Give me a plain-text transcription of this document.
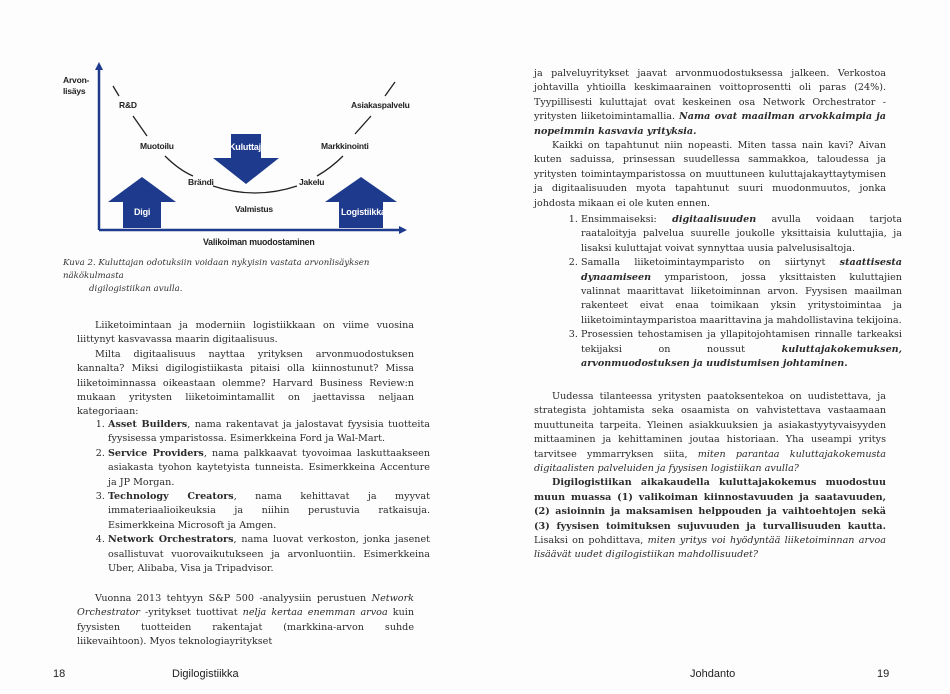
Arvon-
lisäys
R&D
Muotoilu
Brändi
Valmistus
Jakelu
Markkinointi
Asiakaspalvelu
Kuluttaja
Digi	Logistiikka
Valikoiman muodostaminen
Kuva 2. Kuluttajan odotuksiin voidaan nykyisin vastata arvonlisäyksen näkökulmasta
digilogistiikan avulla.

Liiketoimintaan ja moderniin logistiikkaan on viime vuosina liittynyt kasvavassa maarin digitaalisuus.

Milta digitaalisuus nayttaa yrityksen arvonmuodostuksen kannalta? Miksi digilogistiikasta pitaisi olla kiinnostunut? Missa liiketoiminnassa oikeastaan olemme? Harvard Business Review:n mukaan yritysten liiketoimintamallit on jaettavissa neljaan kategoriaan:

1. Asset Builders, nama rakentavat ja jalostavat fyysisia tuotteita fyysisessa ymparistossa. Esimerkkeina Ford ja Wal-Mart.
2. Service Providers, nama palkkaavat tyovoimaa laskuttaakseen asiakasta tyohon kaytetyista tunneista. Esimerkkeina Accenture ja JP Morgan.
3. Technology Creators, nama kehittavat ja myyvat immateriaalioikeuksia ja niihin perustuvia ratkaisuja. Esimerkkeina Microsoft ja Amgen.
4. Network Orchestrators, nama luovat verkoston, jonka jasenet osallistuvat vuorovaikutukseen ja arvonluontiin. Esimerkkeina Uber, Alibaba, Visa ja Tripadvisor.

Vuonna 2013 tehtyyn S&P 500 -analyysiin perustuen Network Orchestrator -yritykset tuottivat nelja kertaa enemman arvoa kuin fyysisten tuotteiden rakentajat (markkina-arvon suhde liikevaihtoon). Myos teknologiayritykset

18	Digilogistiikka

ja palveluyritykset jaavat arvonmuodostuksessa jalkeen. Verkostoa johtavilla yhtioilla keskimaarainen voittoprosentti oli paras (24%). Tyypillisesti kuluttajat ovat keskeinen osa Network Orchestrator -yritysten liiketoimintamallia. Nama ovat maailman arvokkaimpia ja nopeimmin kasvavia yrityksia.

Kaikki on tapahtunut niin nopeasti. Miten tassa nain kavi? Aivan kuten saduissa, prinsessan suudellessa sammakkoa, taloudessa ja yritysten toimintaymparistossa on muuttuneen kuluttajakayttaytymisen ja digitaalisuuden myota tapahtunut suuri muodonmuutos, jonka johdosta mikaan ei ole kuten ennen.

1. Ensimmaiseksi: digitaalisuuden avulla voidaan tarjota raataloityja palvelua suurelle joukolle yksittaisia kuluttajia, ja lisaksi kuluttajat voivat synnyttaa uusia palvelusisaltoja.
2. Samalla liiketoimintaymparisto on siirtynyt staattisesta dynaamiseen ymparistoon, jossa yksittaisten kuluttajien valinnat maarittavat liiketoiminnan arvon. Fyysisen maailman rakenteet eivat enaa toimikaan yksin yritystoimintaa ja liiketoimintaymparistoa maarittavina ja mahdollistavina tekijoina.
3. Prosessien tehostamisen ja yllapitojohtamisen rinnalle tarkeaksi tekijaksi on noussut kuluttajakokemuksen, arvonmuodostuksen ja uudistumisen johtaminen.

Uudessa tilanteessa yritysten paatoksentekoa on uudistettava, ja strategista johtamista seka osaamista on vahvistettava vastaamaan muuttuneita tarpeita. Yleinen asiakkuuksien ja asiakastyytyvaisyyden mittaaminen ja kehittaminen joutaa historiaan. Yha useampi yritys tarvitsee ymmarryksen siita, miten parantaa kuluttajakokemusta digitaalisten palveluiden ja fyysisen logistiikan avulla?

Digilogistiikan aikakaudella kuluttajakokemus muodostuu muun muassa (1) valikoiman kiinnostavuuden ja saatavuuden, (2) asioinnin ja maksamisen helppouden ja vaihtoehtojen sekä (3) fyysisen toimituksen sujuvuuden ja turvallisuuden kautta. Lisaksi on pohdittava, miten yritys voi hyödyntää liiketoiminnan arvoa lisäävät uudet digilogistiikan mahdollisuudet?

Johdanto	19
